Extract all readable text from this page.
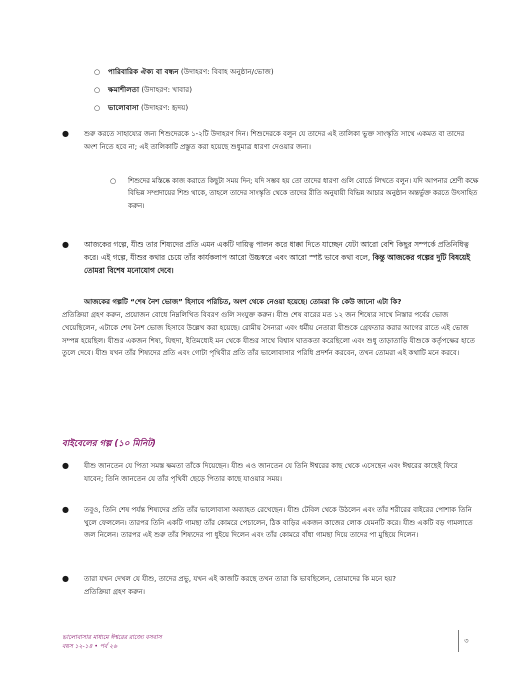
○ পারিবারিক ঐক্য বা বন্ধন (উদাহরণ: বিবাহ অনুষ্ঠান/ভোজ)
○ ক্ষমাশীলতা (উদাহরণ: খাবার)
○ ভালোবাসা (উদাহরণ: হৃদয়)
● শুরু করতে সাহায্যের জন্য শিশুদেরকে ১-২টি উদাহরণ দিন। শিশুদেরকে বলুন যে তাদের এই তালিকা ভুক্ত সাংস্কৃতি সাথে একমত বা তাদের অংশ নিতে হবে না; এই তালিকাটি প্রস্তুত করা হয়েছে শুধুমাত্র ধারণা দেওয়ার জন্য।
○ শিশুদের মস্তিষ্কে কাজ করাতে কিছুটা সময় দিন; যদি সম্ভব হয় তো তাদের ধারণা গুলি বোর্ডে লিখতে বলুন। যদি আপনার শ্রেণী কক্ষে বিভিন্ন সম্প্রদায়ের শিশু থাকে, তাহলে তাদের সাংস্কৃতি থেকে তাদের রীতি অনুযায়ী বিভিন্ন আচার অনুষ্ঠান অন্তর্ভুক্ত করতে উৎসাহিত করুন।
● আজকের গল্পে, যীশু তার শিষ্যদের প্রতি এমন একটি দায়িত্ব পালন করে ধাক্কা দিতে যাচ্ছেন যেটা আরো বেশি কিছুর সম্পর্কে প্রতিনিধিত্ব করে। এই গল্পে, যীশুর কথার চেয়ে তাঁর কার্যকলাপ আরো উচ্চস্বরে এবং আরো স্পষ্ট ভাবে কথা বলে, কিন্তু আজকের গল্পের দুটি বিষয়েই তোমরা বিশেষ মনোযোগ দেবে।
আজকের গল্পটি “শেষ নৈশ ভোজ” হিসাবে পরিচিত, অংশ থেকে নেওয়া হয়েছে। তোমরা কি কেউ জানো এটা কি?
প্রতিক্রিয়া গ্রহণ করুন, প্রয়োজন বোধে নিম্নলিখিত বিবরণ গুলি সংযুক্ত করুন। যীশু শেষ বারের মত ১২ জন শিষ্যের সাথে নিস্তার পর্বের ভোজ খেয়েছিলেন, এটাকে শেষ নৈশ ভোজ হিসাবে উল্লেখ করা হয়েছে। রোমীয় সৈন্যরা এবং ধর্মীয় নেতারা যীশুকে গ্রেফতার করার আগের রাতে এই ভোজ সম্পন্ন হয়েছিল। যীশুর একজন শিষ্য, যিহুদা, ইতিমধ্যেই মন থেকে যীশুর সাথে বিশ্বাস ঘাতকতা করেছিলো এবং শুধু তাড়াতাড়ি যীশুকে কর্তৃপক্ষের হাতে তুলে দেবে। যীশু যখন তাঁর শিষ্যদের প্রতি এবং গোটা পৃথিবীর প্রতি তাঁর ভালোবাসার পরিধি প্রদর্শন করবেন, তখন তোমরা এই কথাটি মনে করবে।
বাইবেলের গল্প (১০ মিনিট)
● যীশু জানতেন যে পিতা সমস্ত ক্ষমতা তাঁকে দিয়েছেন। যীশু এও জানতেন যে তিনি ঈশ্বরের কাছ থেকে এসেছেন এবং ঈশ্বরের কাছেই ফিরে যাবেন; তিনি জানতেন যে তাঁর পৃথিবী ছেড়ে পিতার কাছে যাওয়ার সময়।
● তবুও, তিনি শেষ পর্যন্ত শিষ্যদের প্রতি তাঁর ভালোবাসা অব্যাহত রেখেছেন। যীশু টেবিল থেকে উঠলেন এবং তাঁর শরীরের বাইরের পোশাক তিনি খুলে ফেললেন। তারপর তিনি একটি গামছা তাঁর কোমরে পেচালেন, ঠিক বাড়ির একজন কাজের লোক যেমনটি করে। যীশু একটি বড় গামলাতে জল নিলেন। তারপর এই শুরু তাঁর শিষ্যদের পা ধুইয়ে দিলেন এবং তাঁর কোমরে বাঁধা গামছা দিয়ে তাদের পা মুছিয়ে দিলেন।
● তারা যখন দেখল যে যীশু, তাদের প্রভু, যখন এই কাজটি করছে তখন তারা কি ভাবছিলেন, তোমাদের কি মনে হয়?
প্রতিক্রিয়া গ্রহণ করুন।
ভালোবাসার মাধ্যমে ঈশ্বরের রাজ্যে বসবাস
বয়স ১২-১৪ • পর্ব ২৬
৩
